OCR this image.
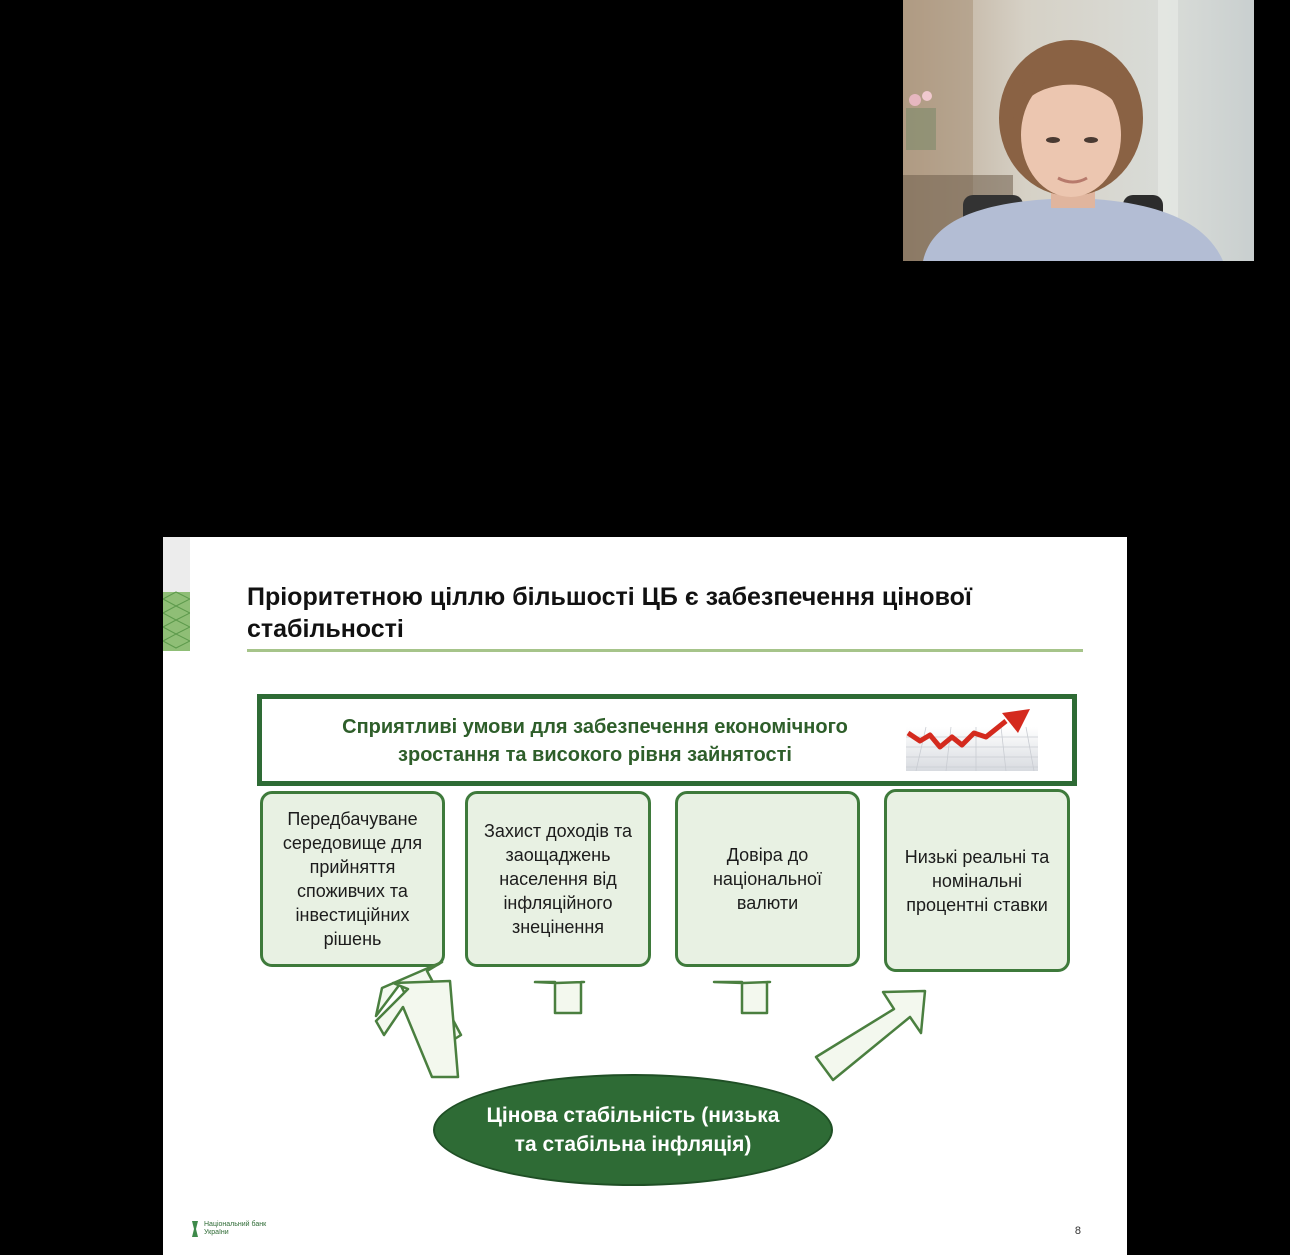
Пріоритетною ціллю більшості ЦБ є забезпечення цінової стабільності
Сприятливі умови для забезпечення економічного зростання та високого рівня зайнятості
Передбачуване середовище для прийняття споживчих та інвестиційних рішень
Захист доходів та заощаджень населення від інфляційного знецінення
Довіра до національної валюти
Низькі реальні та номінальні процентні ставки
Цінова стабільність (низька та стабільна інфляція)
Національний банк України	8
